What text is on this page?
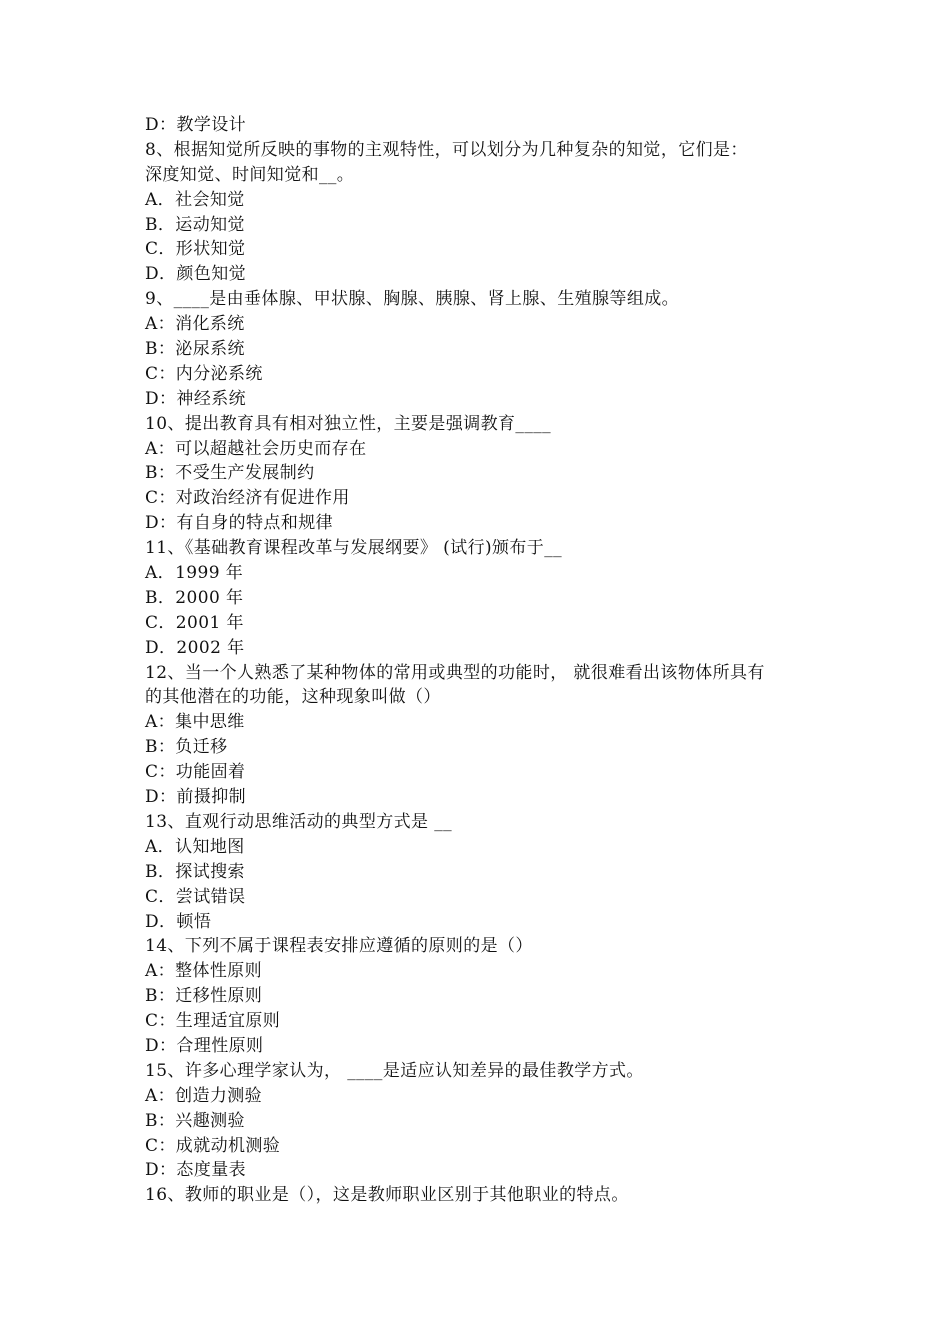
D：教学设计
8、根据知觉所反映的事物的主观特性，可以划分为几种复杂的知觉，它们是：
深度知觉、时间知觉和__。
A．社会知觉
B．运动知觉
C．形状知觉
D．颜色知觉
9、____是由垂体腺、甲状腺、胸腺、胰腺、肾上腺、生殖腺等组成。
A：消化系统
B：泌尿系统
C：内分泌系统
D：神经系统
10、提出教育具有相对独立性，主要是强调教育____
A：可以超越社会历史而存在
B：不受生产发展制约
C：对政治经济有促进作用
D：有自身的特点和规律
11、《基础教育课程改革与发展纲要》 (试行)颁布于__
A．1999 年
B．2000 年
C．2001 年
D．2002 年
12、当一个人熟悉了某种物体的常用或典型的功能时， 就很难看出该物体所具有
的其他潜在的功能，这种现象叫做（）
A：集中思维
B：负迁移
C：功能固着
D：前摄抑制
13、直观行动思维活动的典型方式是 __
A．认知地图
B．探试搜索
C．尝试错误
D．顿悟
14、下列不属于课程表安排应遵循的原则的是（）
A：整体性原则
B：迁移性原则
C：生理适宜原则
D：合理性原则
15、许多心理学家认为， ____是适应认知差异的最佳教学方式。
A：创造力测验
B：兴趣测验
C：成就动机测验
D：态度量表
16、教师的职业是（），这是教师职业区别于其他职业的特点。
